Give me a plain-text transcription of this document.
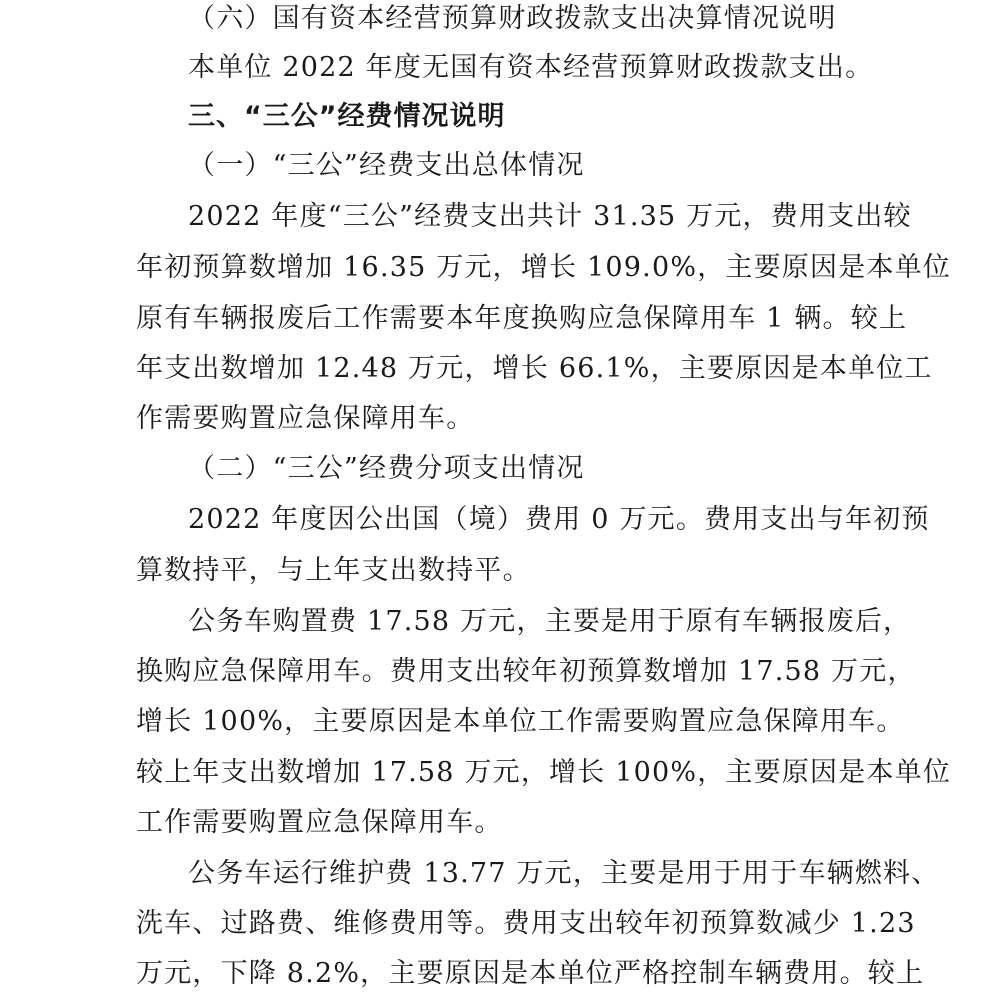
（六）国有资本经营预算财政拨款支出决算情况说明

本单位 2022 年度无国有资本经营预算财政拨款支出。

三、“三公”经费情况说明

（一）“三公”经费支出总体情况

2022 年度“三公”经费支出共计 31.35 万元，费用支出较

年初预算数增加 16.35 万元，增长 109.0%，主要原因是本单位

原有车辆报废后工作需要本年度换购应急保障用车 1 辆。较上

年支出数增加 12.48 万元，增长 66.1%，主要原因是本单位工

作需要购置应急保障用车。

（二）“三公”经费分项支出情况

2022 年度因公出国（境）费用 0 万元。费用支出与年初预

算数持平，与上年支出数持平。

公务车购置费 17.58 万元，主要是用于原有车辆报废后，

换购应急保障用车。费用支出较年初预算数增加 17.58 万元，

增长 100%，主要原因是本单位工作需要购置应急保障用车。

较上年支出数增加 17.58 万元，增长 100%，主要原因是本单位

工作需要购置应急保障用车。

公务车运行维护费 13.77 万元，主要是用于用于车辆燃料、

洗车、过路费、维修费用等。费用支出较年初预算数减少 1.23

万元，下降 8.2%，主要原因是本单位严格控制车辆费用。较上
